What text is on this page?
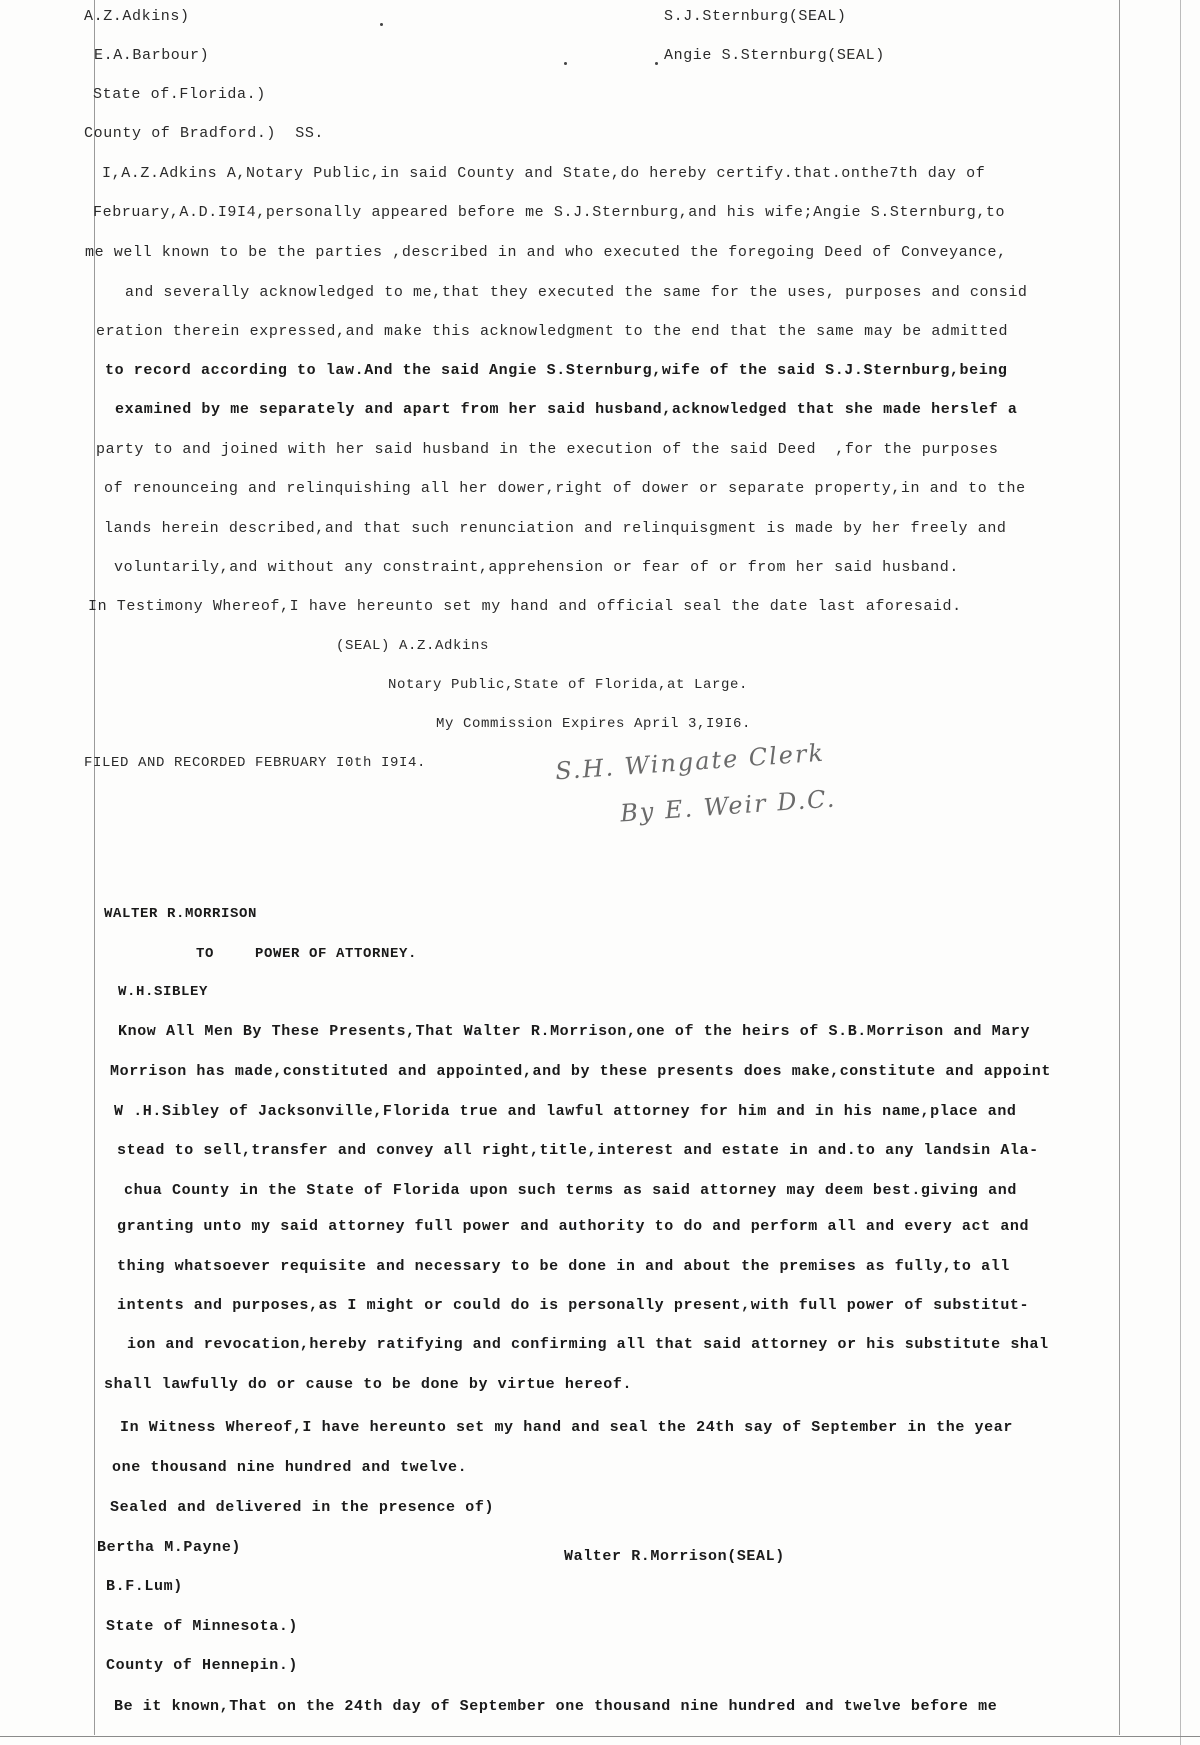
A.Z.Adkins)
E.A.Barbour)
S.J.Sternburg(SEAL)
Angie S.Sternburg(SEAL)
State of.Florida.)
County of Bradford.)  SS.
I,A.Z.Adkins A,Notary Public,in said County and State,do hereby certify.that.onthe7th day of
February,A.D.I9I4,personally appeared before me S.J.Sternburg,and his wife;Angie S.Sternburg,to
me well known to be the parties ,described in and who executed the foregoing Deed of Conveyance,
and severally acknowledged to me,that they executed the same for the uses, purposes and consid
eration therein expressed,and make this acknowledgment to the end that the same may be admitted
to record according to law.And the said Angie S.Sternburg,wife of the said S.J.Sternburg,being
examined by me separately and apart from her said husband,acknowledged that she made herslef a
party to and joined with her said husband in the execution of the said Deed  ,for the purposes
of renounceing and relinquishing all her dower,right of dower or separate property,in and to the
lands herein described,and that such renunciation and relinquisgment is made by her freely and
voluntarily,and without any constraint,apprehension or fear of or from her said husband.
In Testimony Whereof,I have hereunto set my hand and official seal the date last aforesaid.
(SEAL) A.Z.Adkins
Notary Public,State of Florida,at Large.
My Commission Expires April 3,I9I6.
FILED AND RECORDED FEBRUARY I0th I9I4.	S.H. Wingate Clerk
By E. Weir D.C.
WALTER R.MORRISON
TO	POWER OF ATTORNEY.
W.H.SIBLEY
Know All Men By These Presents,That Walter R.Morrison,one of the heirs of S.B.Morrison and Mary
Morrison has made,constituted and appointed,and by these presents does make,constitute and appoint
W .H.Sibley of Jacksonville,Florida true and lawful attorney for him and in his name,place and
stead to sell,transfer and convey all right,title,interest and estate in and.to any landsin Ala-
chua County in the State of Florida upon such terms as said attorney may deem best.giving and
granting unto my said attorney full power and authority to do and perform all and every act and
thing whatsoever requisite and necessary to be done in and about the premises as fully,to all
intents and purposes,as I might or could do is personally present,with full power of substitut-
ion and revocation,hereby ratifying and confirming all that said attorney or his substitute shal
shall lawfully do or cause to be done by virtue hereof.
In Witness Whereof,I have hereunto set my hand and seal the 24th say of September in the year
one thousand nine hundred and twelve.
Sealed and delivered in the presence of)
Bertha M.Payne)
Walter R.Morrison(SEAL)
B.F.Lum)
State of Minnesota.)
County of Hennepin.)
Be it known,That on the 24th day of September one thousand nine hundred and twelve before me
